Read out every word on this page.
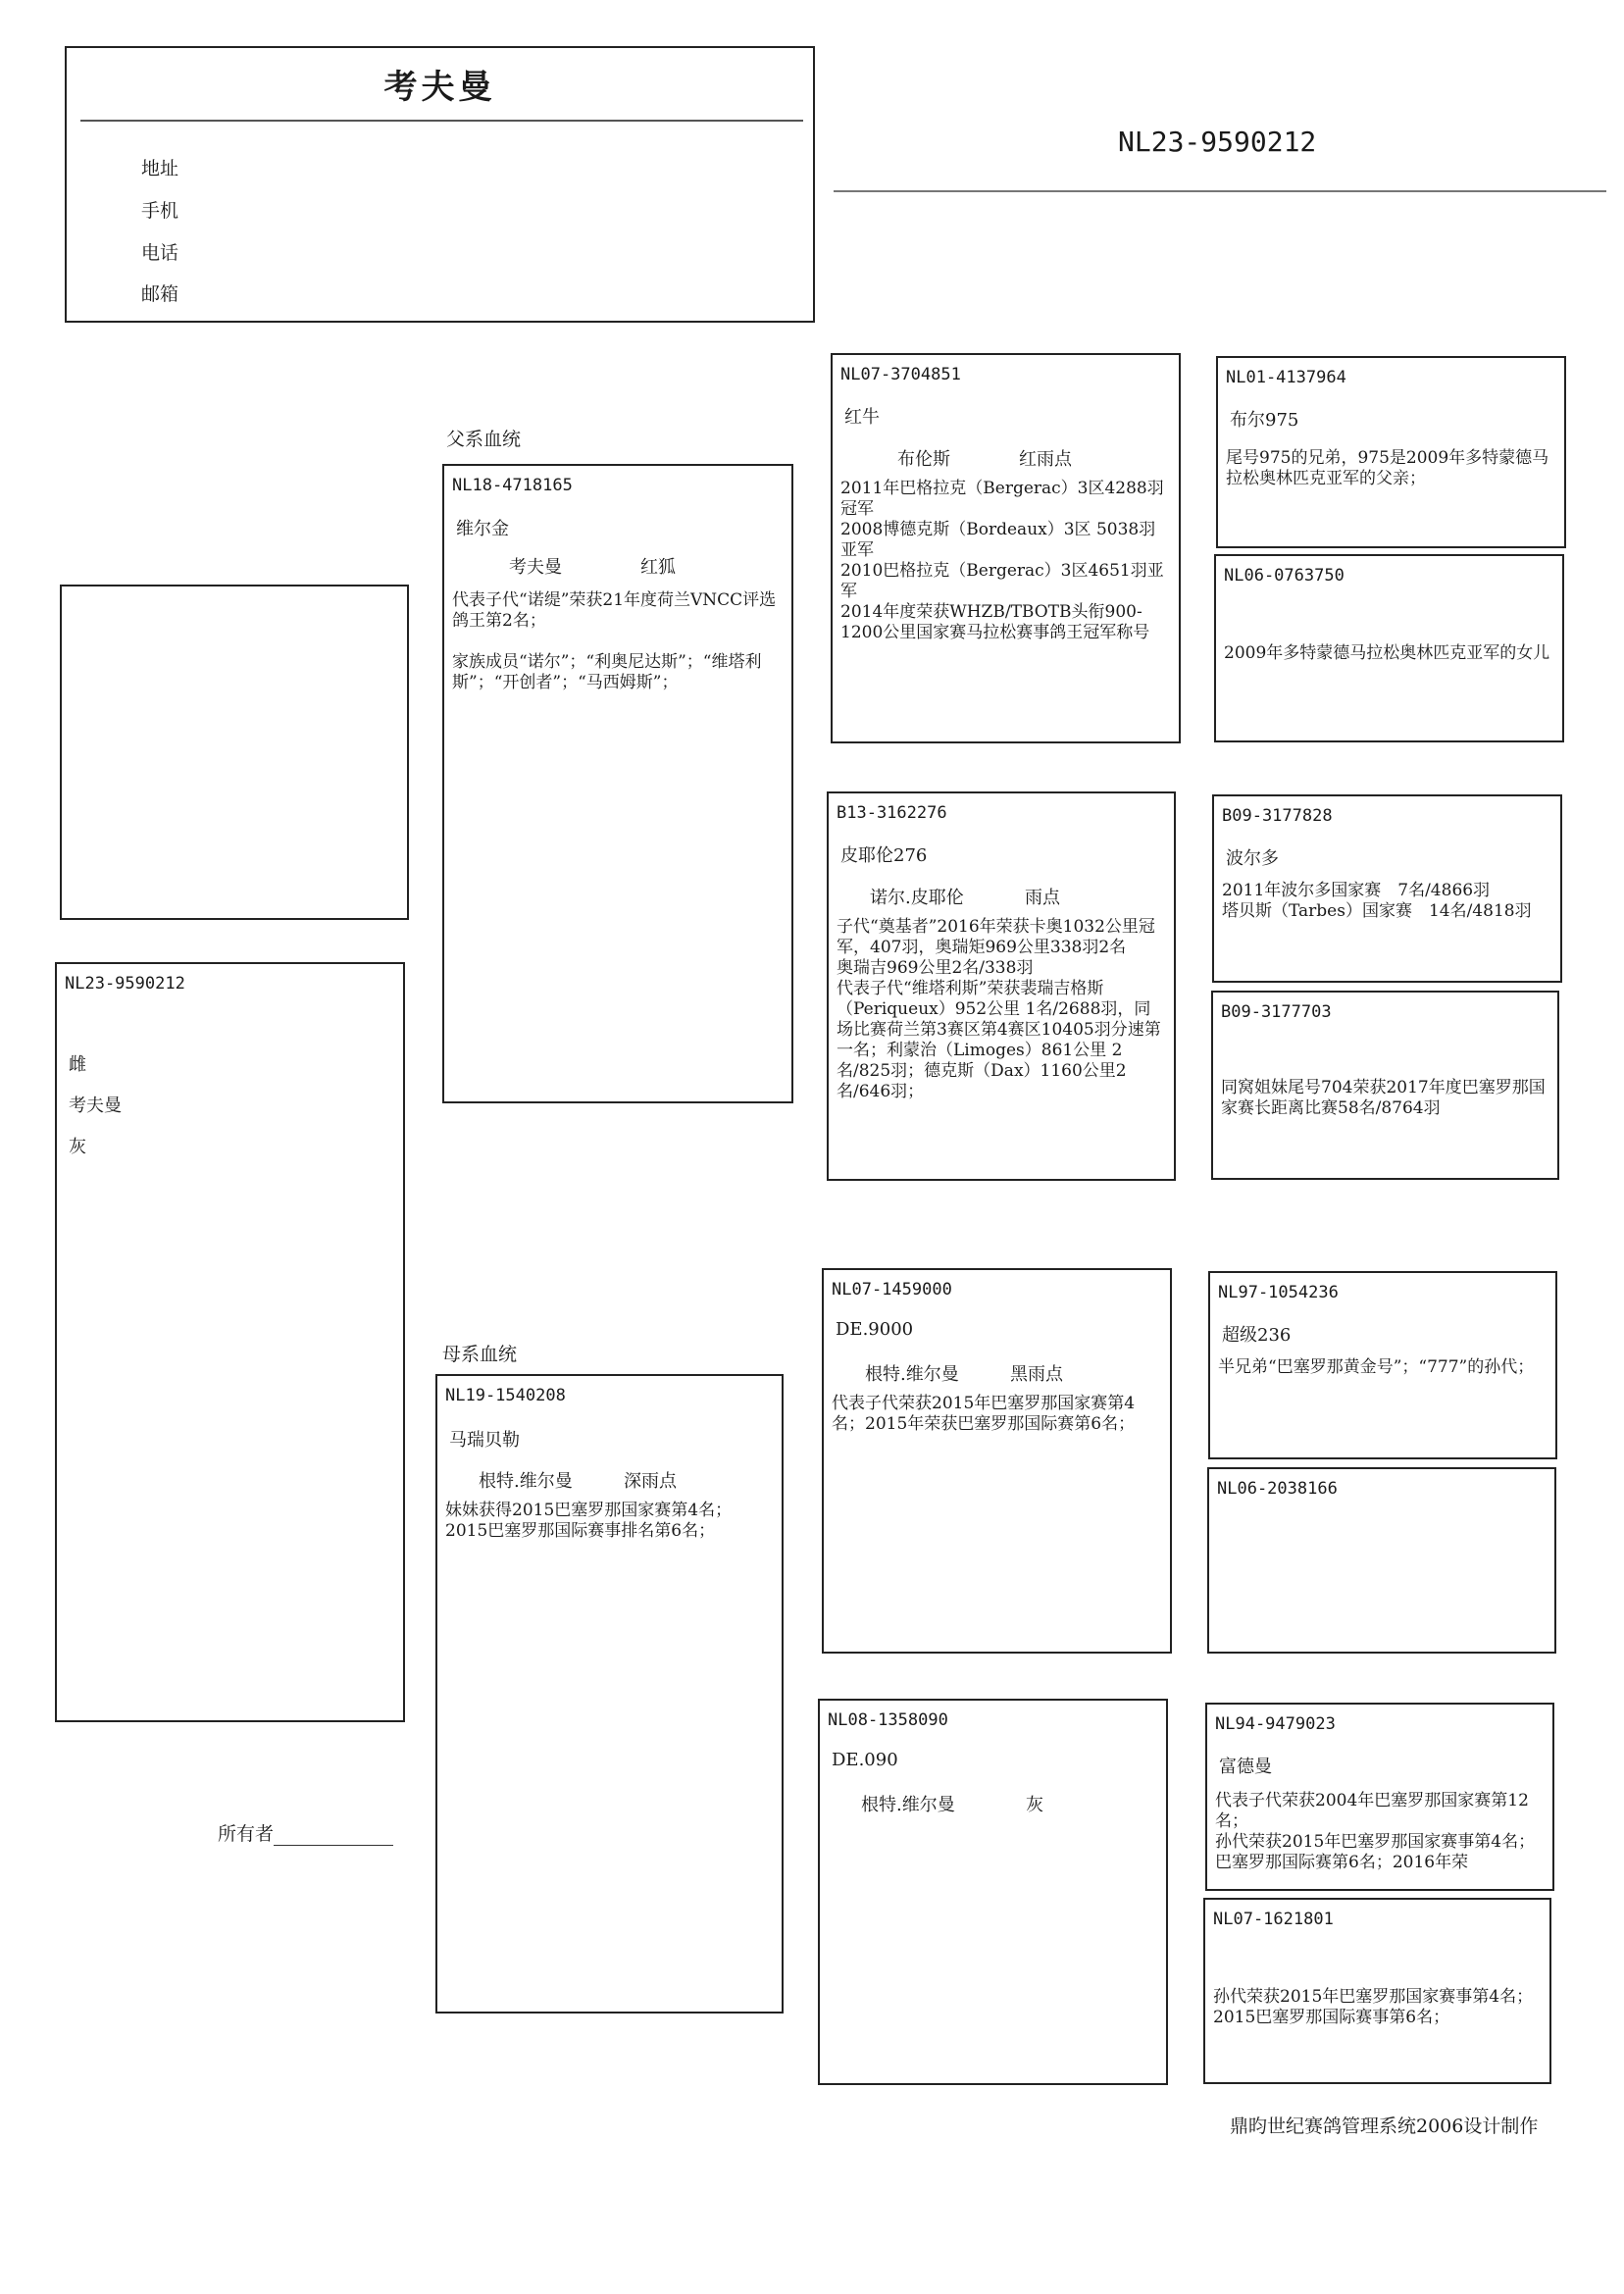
考夫曼
地址
手机
电话
邮箱
NL23-9590212
NL23-9590212
雌
考夫曼
灰
父系血统
母系血统
NL18-4718165
维尔金
考夫曼	红狐
代表子代“诺缇”荣获21年度荷兰VNCC评选鸽王第2名；

家族成员“诺尔”；“利奥尼达斯”；“维塔利斯”；“开创者”；“马西姆斯”；
NL19-1540208
马瑞贝勒
根特.维尔曼	深雨点
妹妹获得2015巴塞罗那国家赛第4名；2015巴塞罗那国际赛事排名第6名；
NL07-3704851
红牛
布伦斯	红雨点
2011年巴格拉克（Bergerac）3区4288羽冠军
2008博德克斯（Bordeaux）3区 5038羽 亚军
2010巴格拉克（Bergerac）3区4651羽亚军
2014年度荣获WHZB/TBOTB头衔900-1200公里国家赛马拉松赛事鸽王冠军称号
B13-3162276
皮耶伦276
诺尔.皮耶伦	雨点
子代“奠基者”2016年荣获卡奥1032公里冠军，407羽，奥瑞矩969公里338羽2名
奥瑞吉969公里2名/338羽
代表子代“维塔利斯”荣获裴瑞吉格斯（Periqueux）952公里 1名/2688羽，同场比赛荷兰第3赛区第4赛区10405羽分速第一名；利蒙治（Limoges）861公里 2名/825羽；德克斯（Dax）1160公里2名/646羽；
NL07-1459000
DE.9000
根特.维尔曼	黑雨点
代表子代荣获2015年巴塞罗那国家赛第4名；2015年荣获巴塞罗那国际赛第6名；
NL08-1358090
DE.090
根特.维尔曼	灰
NL01-4137964
布尔975
尾号975的兄弟，975是2009年多特蒙德马拉松奥林匹克亚军的父亲；
NL06-0763750
2009年多特蒙德马拉松奥林匹克亚军的女儿
B09-3177828
波尔多
2011年波尔多国家赛　7名/4866羽
塔贝斯（Tarbes）国家赛　14名/4818羽
B09-3177703
同窝姐妹尾号704荣获2017年度巴塞罗那国家赛长距离比赛58名/8764羽
NL97-1054236
超级236
半兄弟“巴塞罗那黄金号”；“777”的孙代；
NL06-2038166
NL94-9479023
富德曼
代表子代荣获2004年巴塞罗那国家赛第12名；
孙代荣获2015年巴塞罗那国家赛事第4名；巴塞罗那国际赛第6名；2016年荣
NL07-1621801
孙代荣获2015年巴塞罗那国家赛事第4名；2015巴塞罗那国际赛事第6名；
所有者
鼎昀世纪赛鸽管理系统2006设计制作
